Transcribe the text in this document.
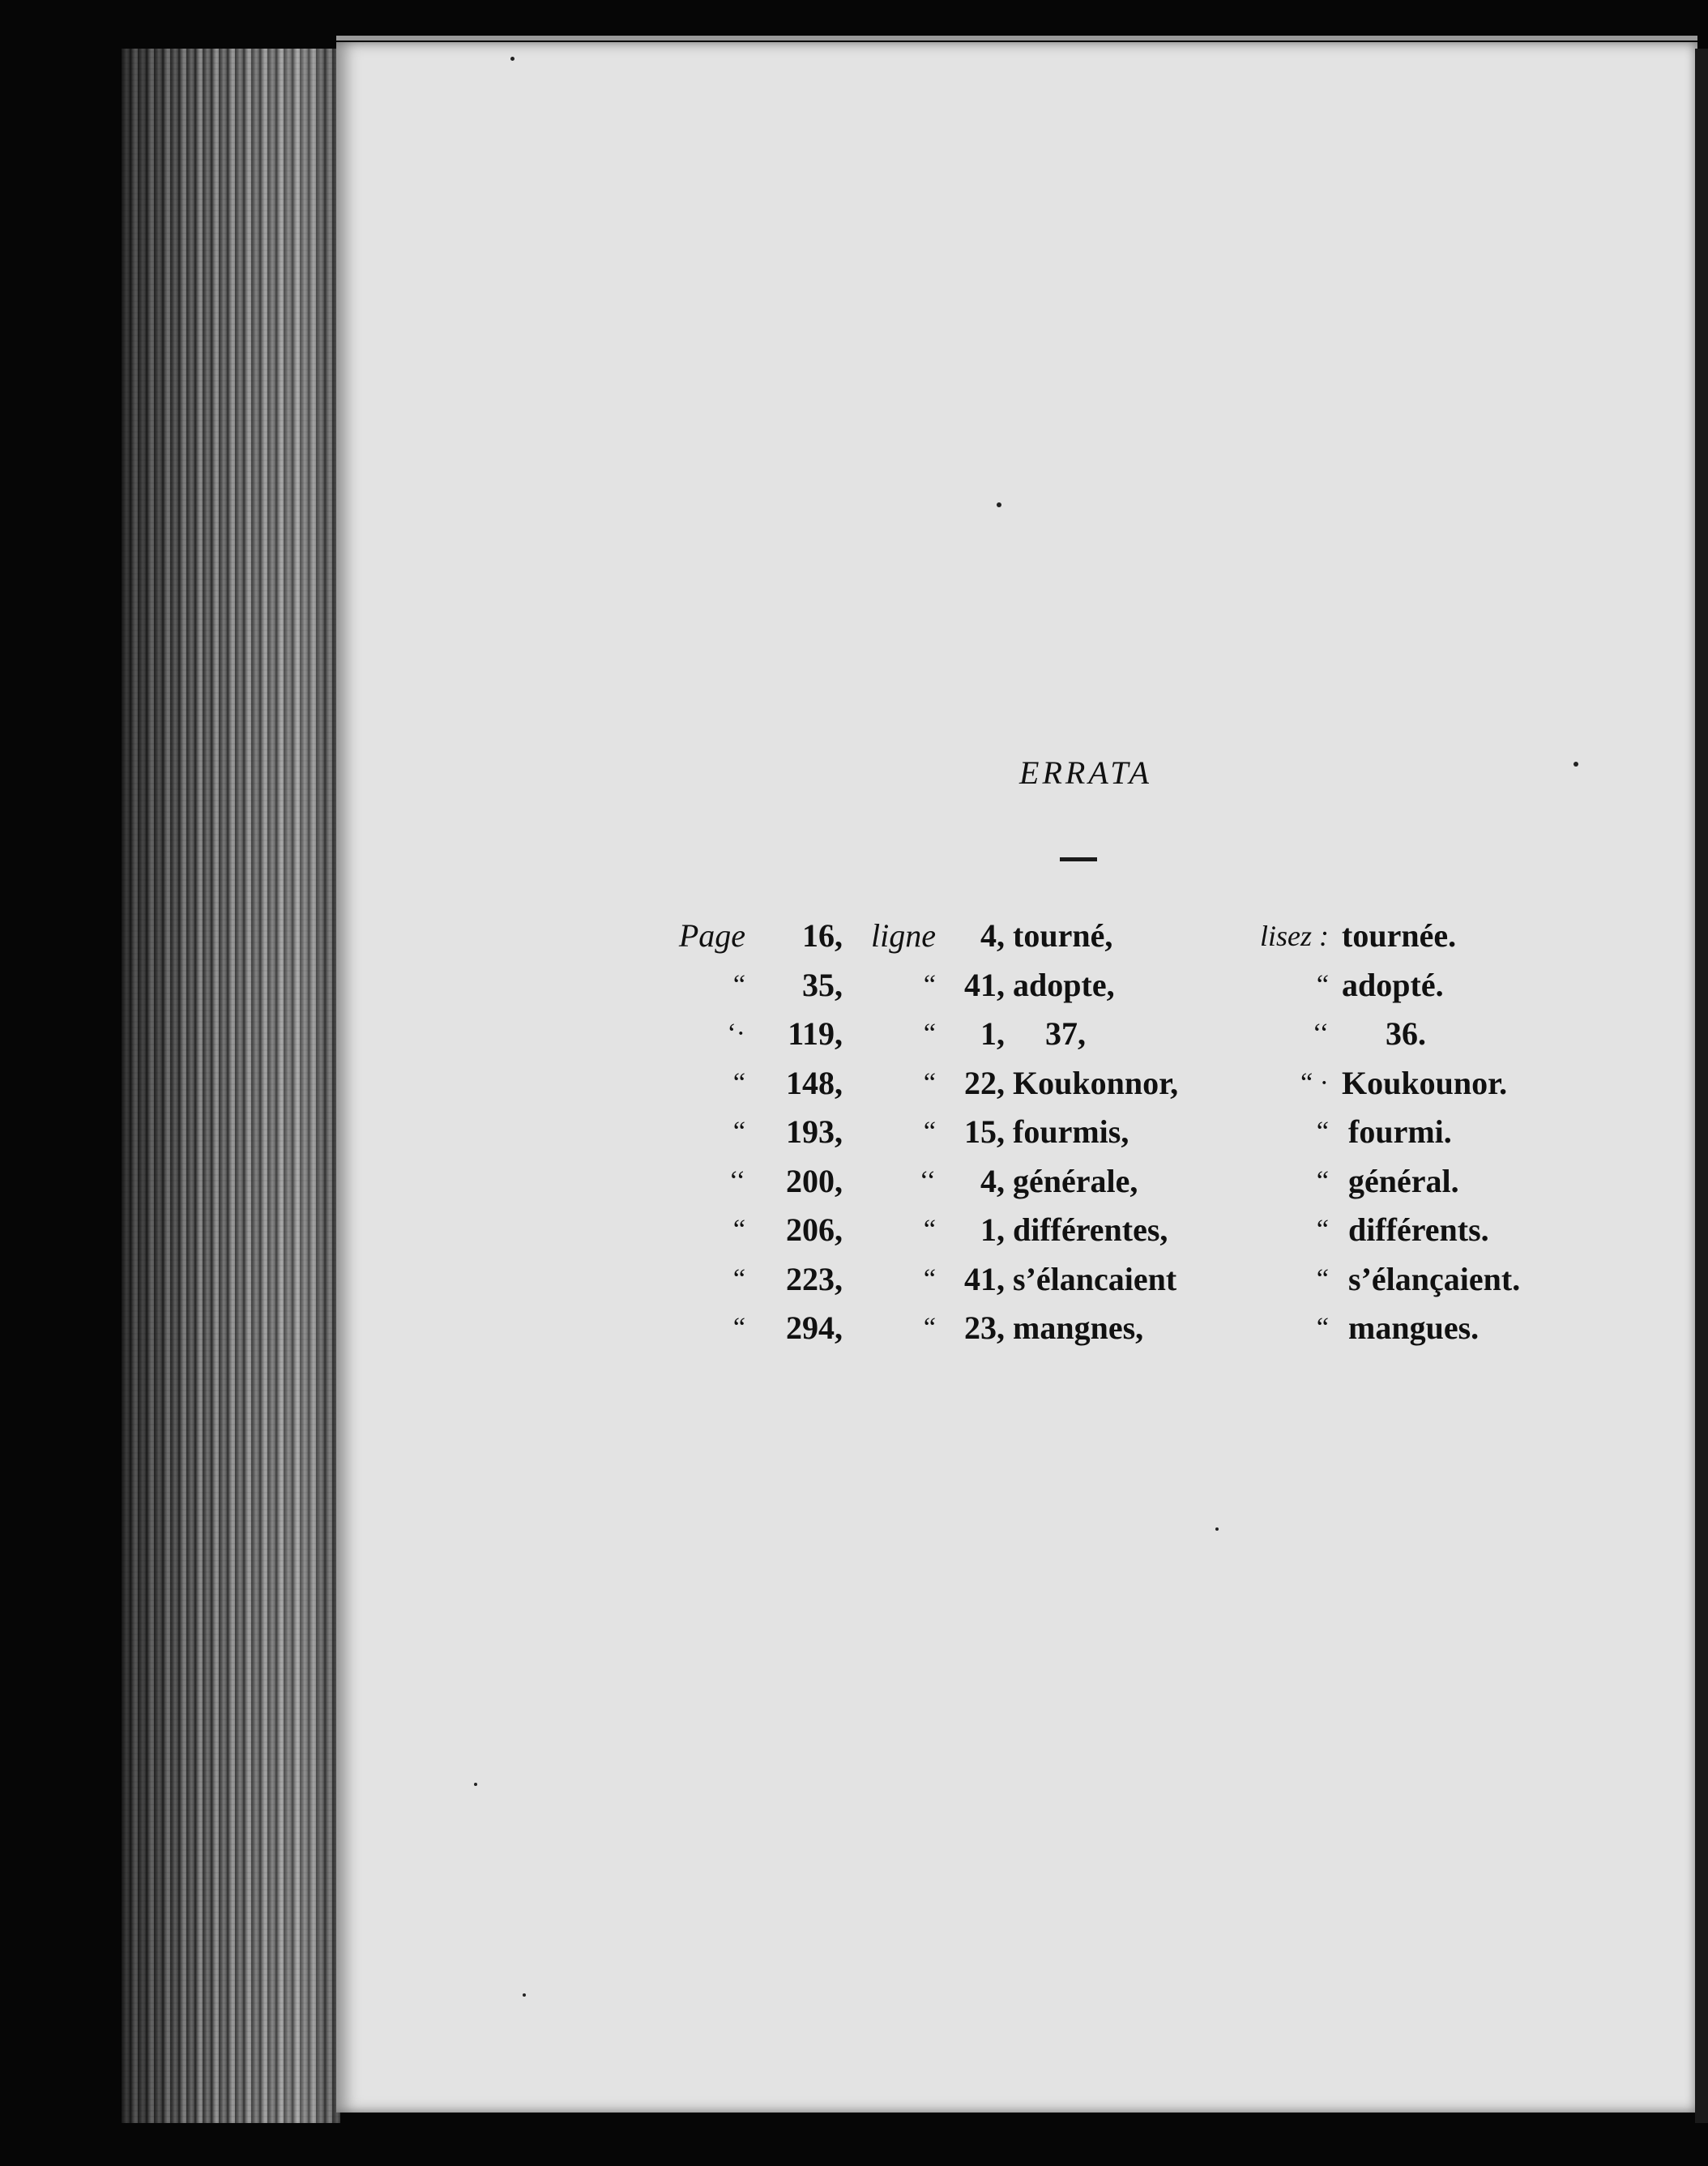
ERRATA
Page	16,	ligne	4,	tourné,	lisez :	tournée.
“	35,	“	41,	adopte,	“	adopté.
‘·	119,	“	1,	37,	‘‘	36.
“	148,	“	22,	Koukonnor,	“ ·	Koukounor.
“	193,	“	15,	fourmis,	“	fourmi.
‘‘	200,	‘‘	4,	générale,	“	général.
“	206,	“	1,	différentes,	“	différents.
“	223,	“	41,	s’élancaient	“	s’élançaient.
“	294,	“	23,	mangnes,	“	mangues.
